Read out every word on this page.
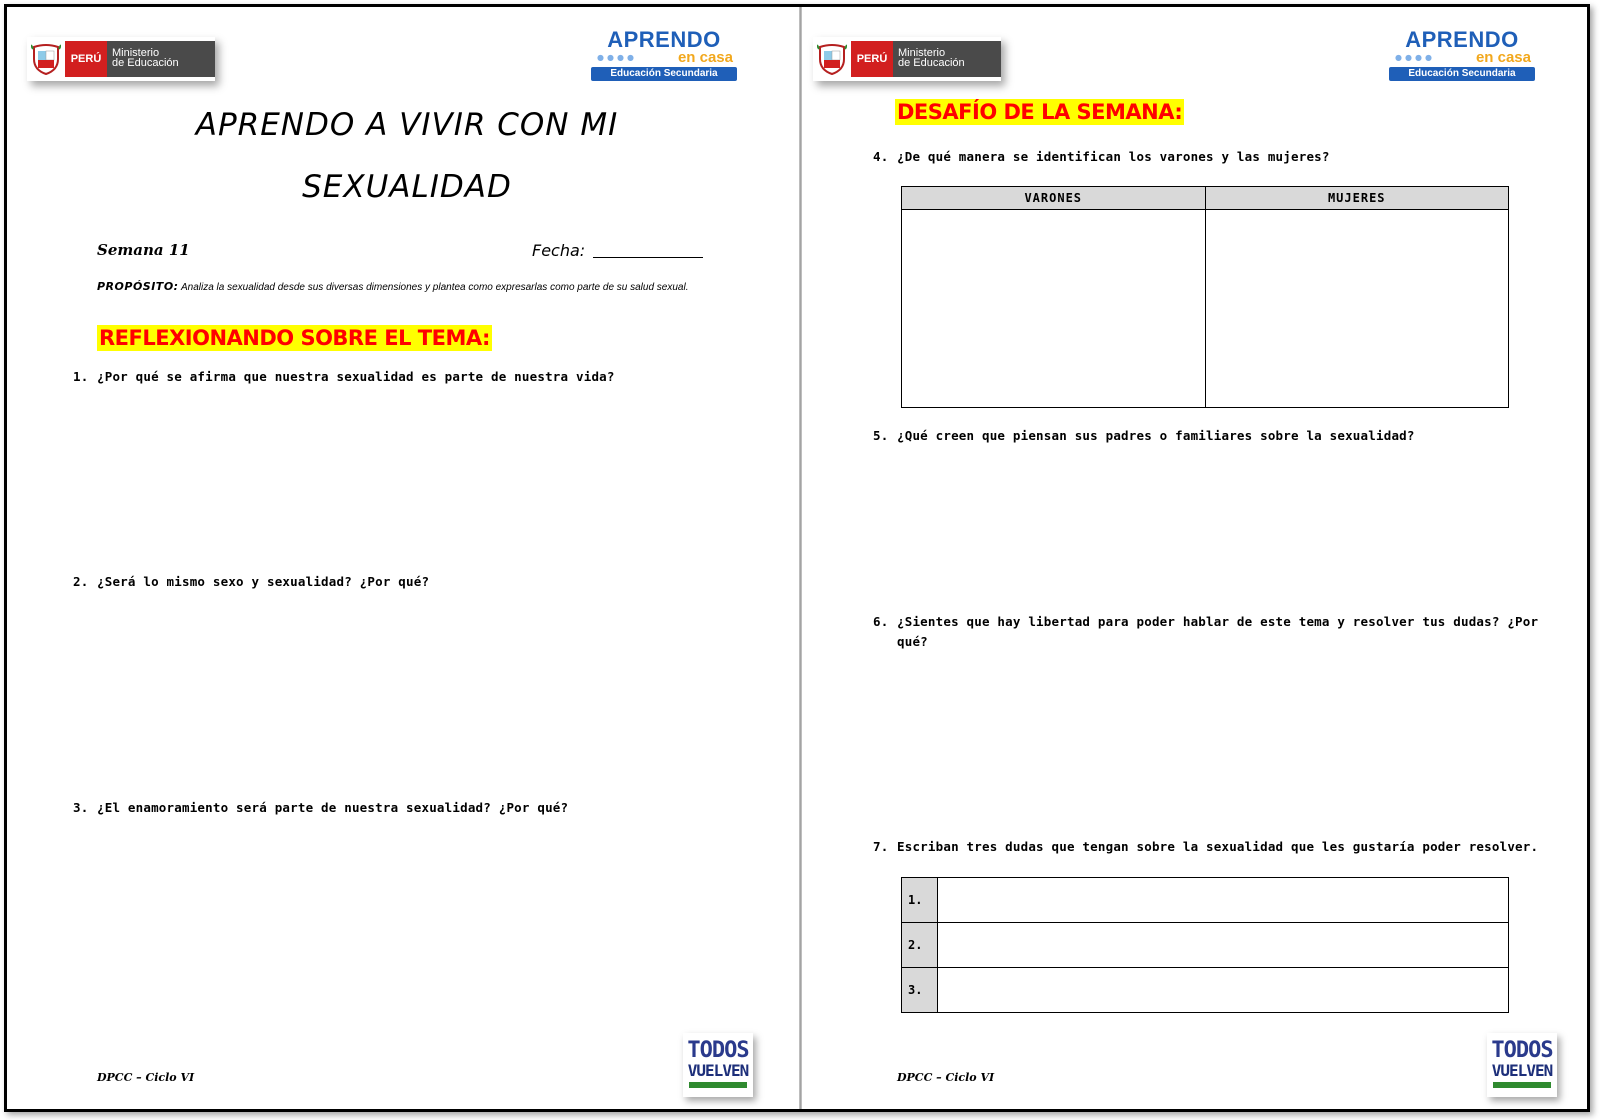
PERÚ Ministerio
de Educación
APRENDO
●●●●	en casa
Educación Secundaria
APRENDO A VIVIR CON MI
SEXUALIDAD
Semana 11	Fecha:
PROPÓSITO: Analiza la sexualidad desde sus diversas dimensiones y plantea como expresarlas como parte de su salud sexual.
REFLEXIONANDO SOBRE EL TEMA:
1. ¿Por qué se afirma que nuestra sexualidad es parte de nuestra vida?
2. ¿Será lo mismo sexo y sexualidad? ¿Por qué?
3. ¿El enamoramiento será parte de nuestra sexualidad? ¿Por qué?
DPCC – Ciclo VI
TODOS
VUELVEN
PERÚ Ministerio
de Educación
APRENDO
●●●●	en casa
Educación Secundaria
DESAFÍO DE LA SEMANA:
4. ¿De qué manera se identifican los varones y las mujeres?
5. ¿Qué creen que piensan sus padres o familiares sobre la sexualidad?
6. ¿Sientes que hay libertad para poder hablar de este tema y resolver tus dudas? ¿Por
qué?
7. Escriban tres dudas que tengan sobre la sexualidad que les gustaría poder resolver.
DPCC – Ciclo VI
TODOS
VUELVEN
VARONES	MUJERES

1.	
2.	
3.	
